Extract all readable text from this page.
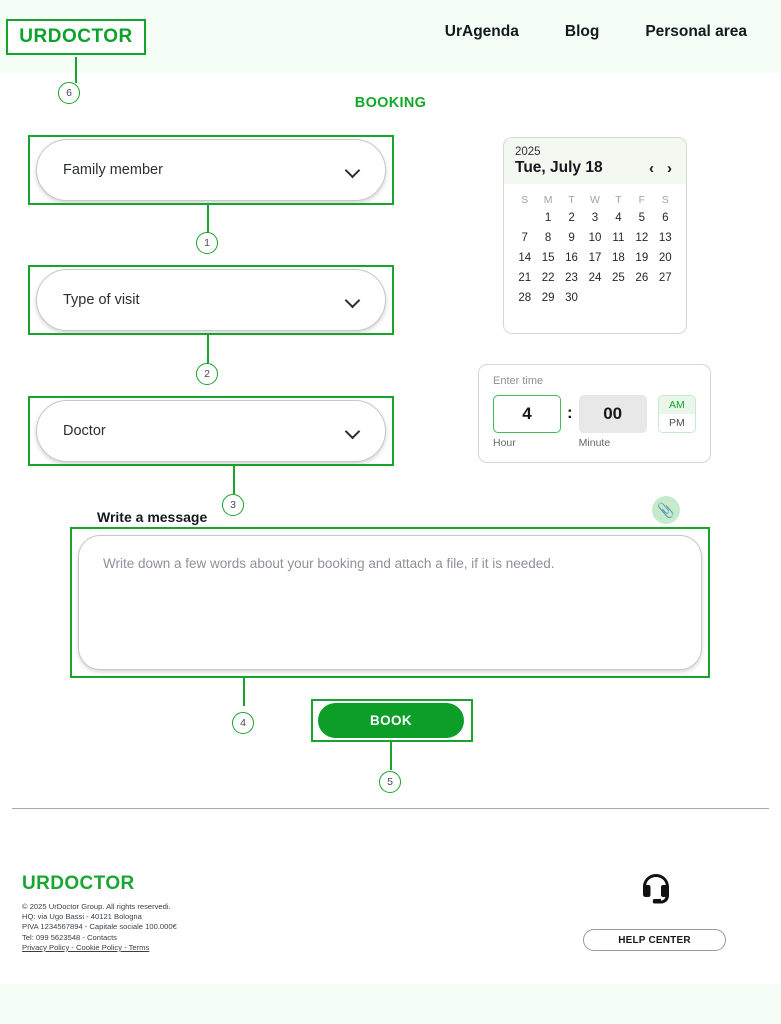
URDOCTOR	UrAgenda	Blog	Personal area
6
BOOKING
Family member
1
Type of visit
2
Doctor
3
2025
Tue, July 18	‹ ›
S	M	T	W	T	F	S
	1	2	3	4	5	6
7	8	9	10	11	12	13
14	15	16	17	18	19	20
21	22	23	24	25	26	27
28	29	30				
Enter time
4
Hour
:	00
Minute
AM
PM
Write a message	📎
Write down a few words about your booking and attach a file, if it is needed.
4	BOOK
5
URDOCTOR
© 2025 UrDoctor Group. All rights reservedi.
HQ: via Ugo Bassi - 40121 Bologna
PIVA 1234567894 - Capitale sociale 100.000€
Tel: 099 5623548 - Contacts
Privacy Policy - Cookie Policy - Terms
HELP CENTER
